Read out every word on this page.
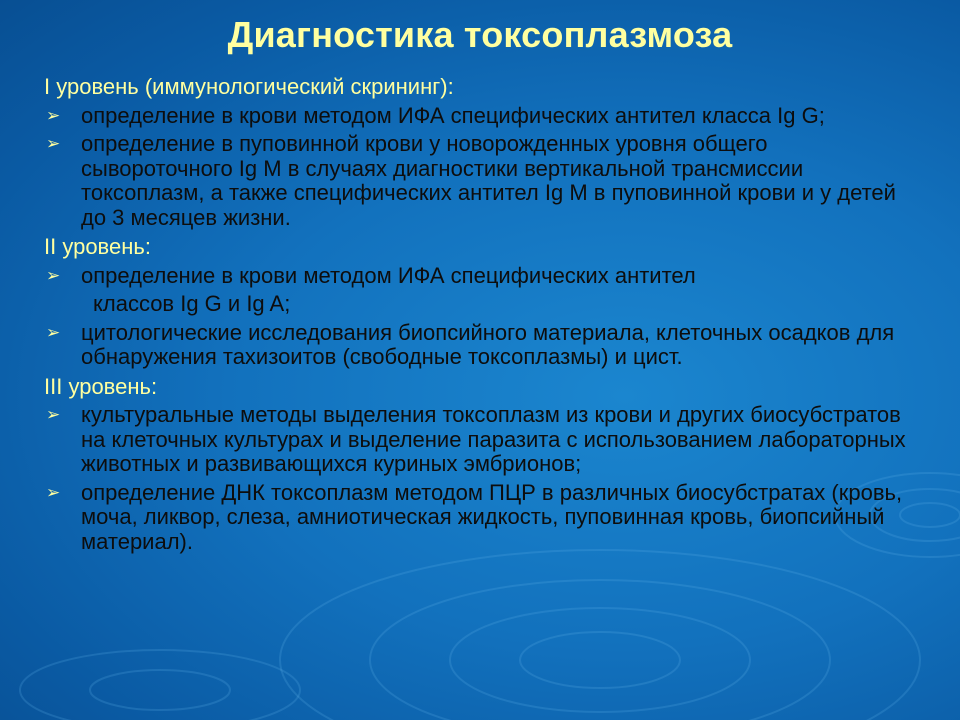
Диагностика токсоплазмоза
I уровень (иммунологический скрининг):
➢ определение в крови методом ИФА специфических антител класса Ig G;
➢ определение в пуповинной крови у новорожденных уровня общего сывороточного Ig M в случаях диагностики вертикальной трансмиссии токсоплазм, а также специфических антител Ig M в пуповинной крови и у детей до 3 месяцев жизни.
II уровень:
➢ определение в крови методом ИФА специфических антител
классов Ig G и Ig A;
➢ цитологические исследования биопсийного материала, клеточных осадков для обнаружения тахизоитов (свободные токсоплазмы) и цист.
III уровень:
➢ культуральные методы выделения токсоплазм из крови и других биосубстратов на клеточных культурах и выделение паразита с использованием лабораторных животных и развивающихся куриных эмбрионов;
➢ определение ДНК токсоплазм методом ПЦР в различных биосубстратах (кровь, моча, ликвор, слеза, амниотическая жидкость, пуповинная кровь, биопсийный материал).
